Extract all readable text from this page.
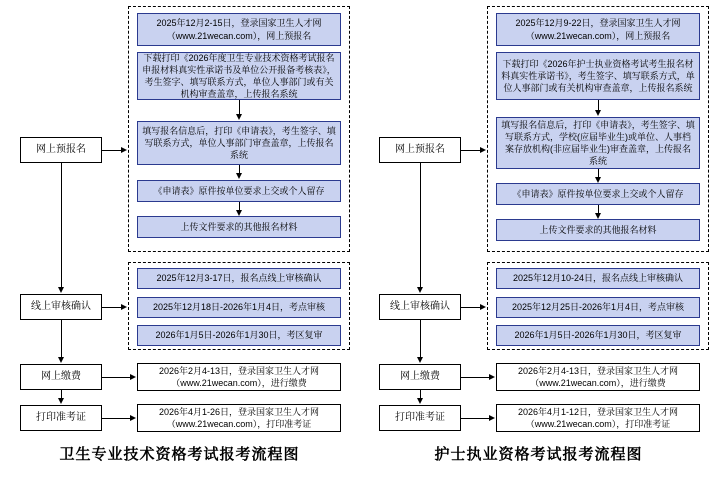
网上预报名
线上审核确认
网上缴费
打印准考证
2025年12月2-15日，登录国家卫生人才网（www.21wecan.com），网上预报名
下载打印《2026年度卫生专业技术资格考试报名申报材料真实性承诺书及单位公开报备考核表》，考生签字、填写联系方式，单位人事部门或有关机构审查盖章，上传报名系统
填写报名信息后，打印《申请表》，考生签字、填写联系方式，单位人事部门审查盖章，上传报名系统
《申请表》原件按单位要求上交或个人留存
上传文件要求的其他报名材料
2025年12月3-17日，报名点线上审核确认
2025年12月18日-2026年1月4日，考点审核
2026年1月5日-2026年1月30日，考区复审
2026年2月4-13日，登录国家卫生人才网（www.21wecan.com），进行缴费
2026年4月1-26日，登录国家卫生人才网（www.21wecan.com），打印准考证
卫生专业技术资格考试报考流程图
网上预报名
线上审核确认
网上缴费
打印准考证
2025年12月9-22日，登录国家卫生人才网（www.21wecan.com），网上预报名
下载打印《2026年护士执业资格考试考生报名材料真实性承诺书》，考生签字、填写联系方式，单位人事部门或有关机构审查盖章，上传报名系统
填写报名信息后，打印《申请表》，考生签字、填写联系方式，学校(应届毕业生)或单位、人事档案存放机构(非应届毕业生)审查盖章，上传报名系统
《申请表》原件按单位要求上交或个人留存
上传文件要求的其他报名材料
2025年12月10-24日，报名点线上审核确认
2025年12月25日-2026年1月4日，考点审核
2026年1月5日-2026年1月30日，考区复审
2026年2月4-13日，登录国家卫生人才网（www.21wecan.com），进行缴费
2026年4月1-12日，登录国家卫生人才网（www.21wecan.com），打印准考证
护士执业资格考试报考流程图
